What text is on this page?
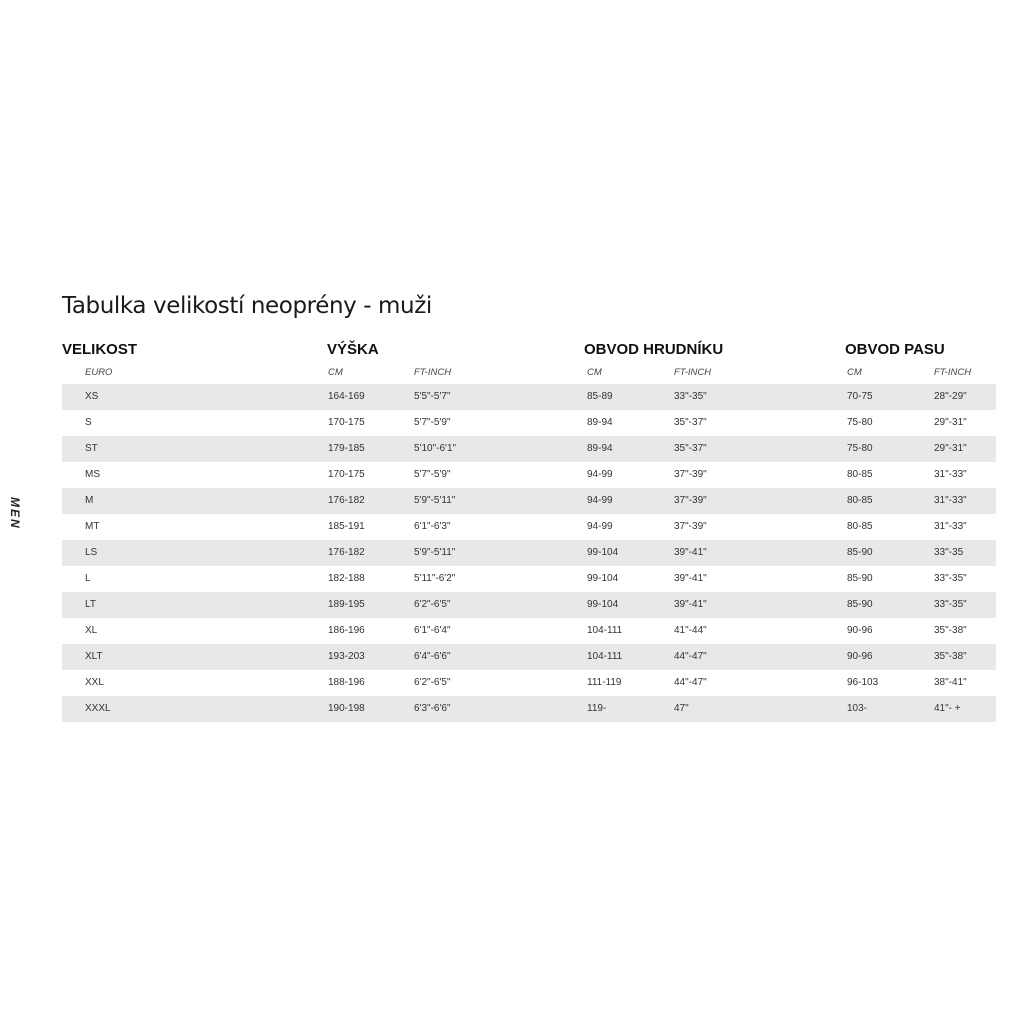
Tabulka velikostí neoprény - muži
MEN
VELIKOST	VÝŠKA	OBVOD HRUDNÍKU	OBVOD PASU
EURO	CM	FT-INCH	CM	FT-INCH	CM	FT-INCH
XS	164-169	5'5"-5'7"	85-89	33"-35"	70-75	28"-29"
S	170-175	5'7"-5'9"	89-94	35"-37"	75-80	29"-31"
ST	179-185	5'10"-6'1"	89-94	35"-37"	75-80	29"-31"
MS	170-175	5'7"-5'9"	94-99	37"-39"	80-85	31"-33"
M	176-182	5'9"-5'11"	94-99	37"-39"	80-85	31"-33"
MT	185-191	6'1"-6'3"	94-99	37"-39"	80-85	31"-33"
LS	176-182	5'9"-5'11"	99-104	39"-41"	85-90	33"-35
L	182-188	5'11"-6'2"	99-104	39"-41"	85-90	33"-35"
LT	189-195	6'2"-6'5"	99-104	39"-41"	85-90	33"-35"
XL	186-196	6'1"-6'4"	104-111	41"-44"	90-96	35"-38"
XLT	193-203	6'4"-6'6"	104-111	44"-47"	90-96	35"-38"
XXL	188-196	6'2"-6'5"	111-119	44"-47"	96-103	38"-41"
XXXL	190-198	6'3"-6'6"	119-	47"	103-	41"- +
